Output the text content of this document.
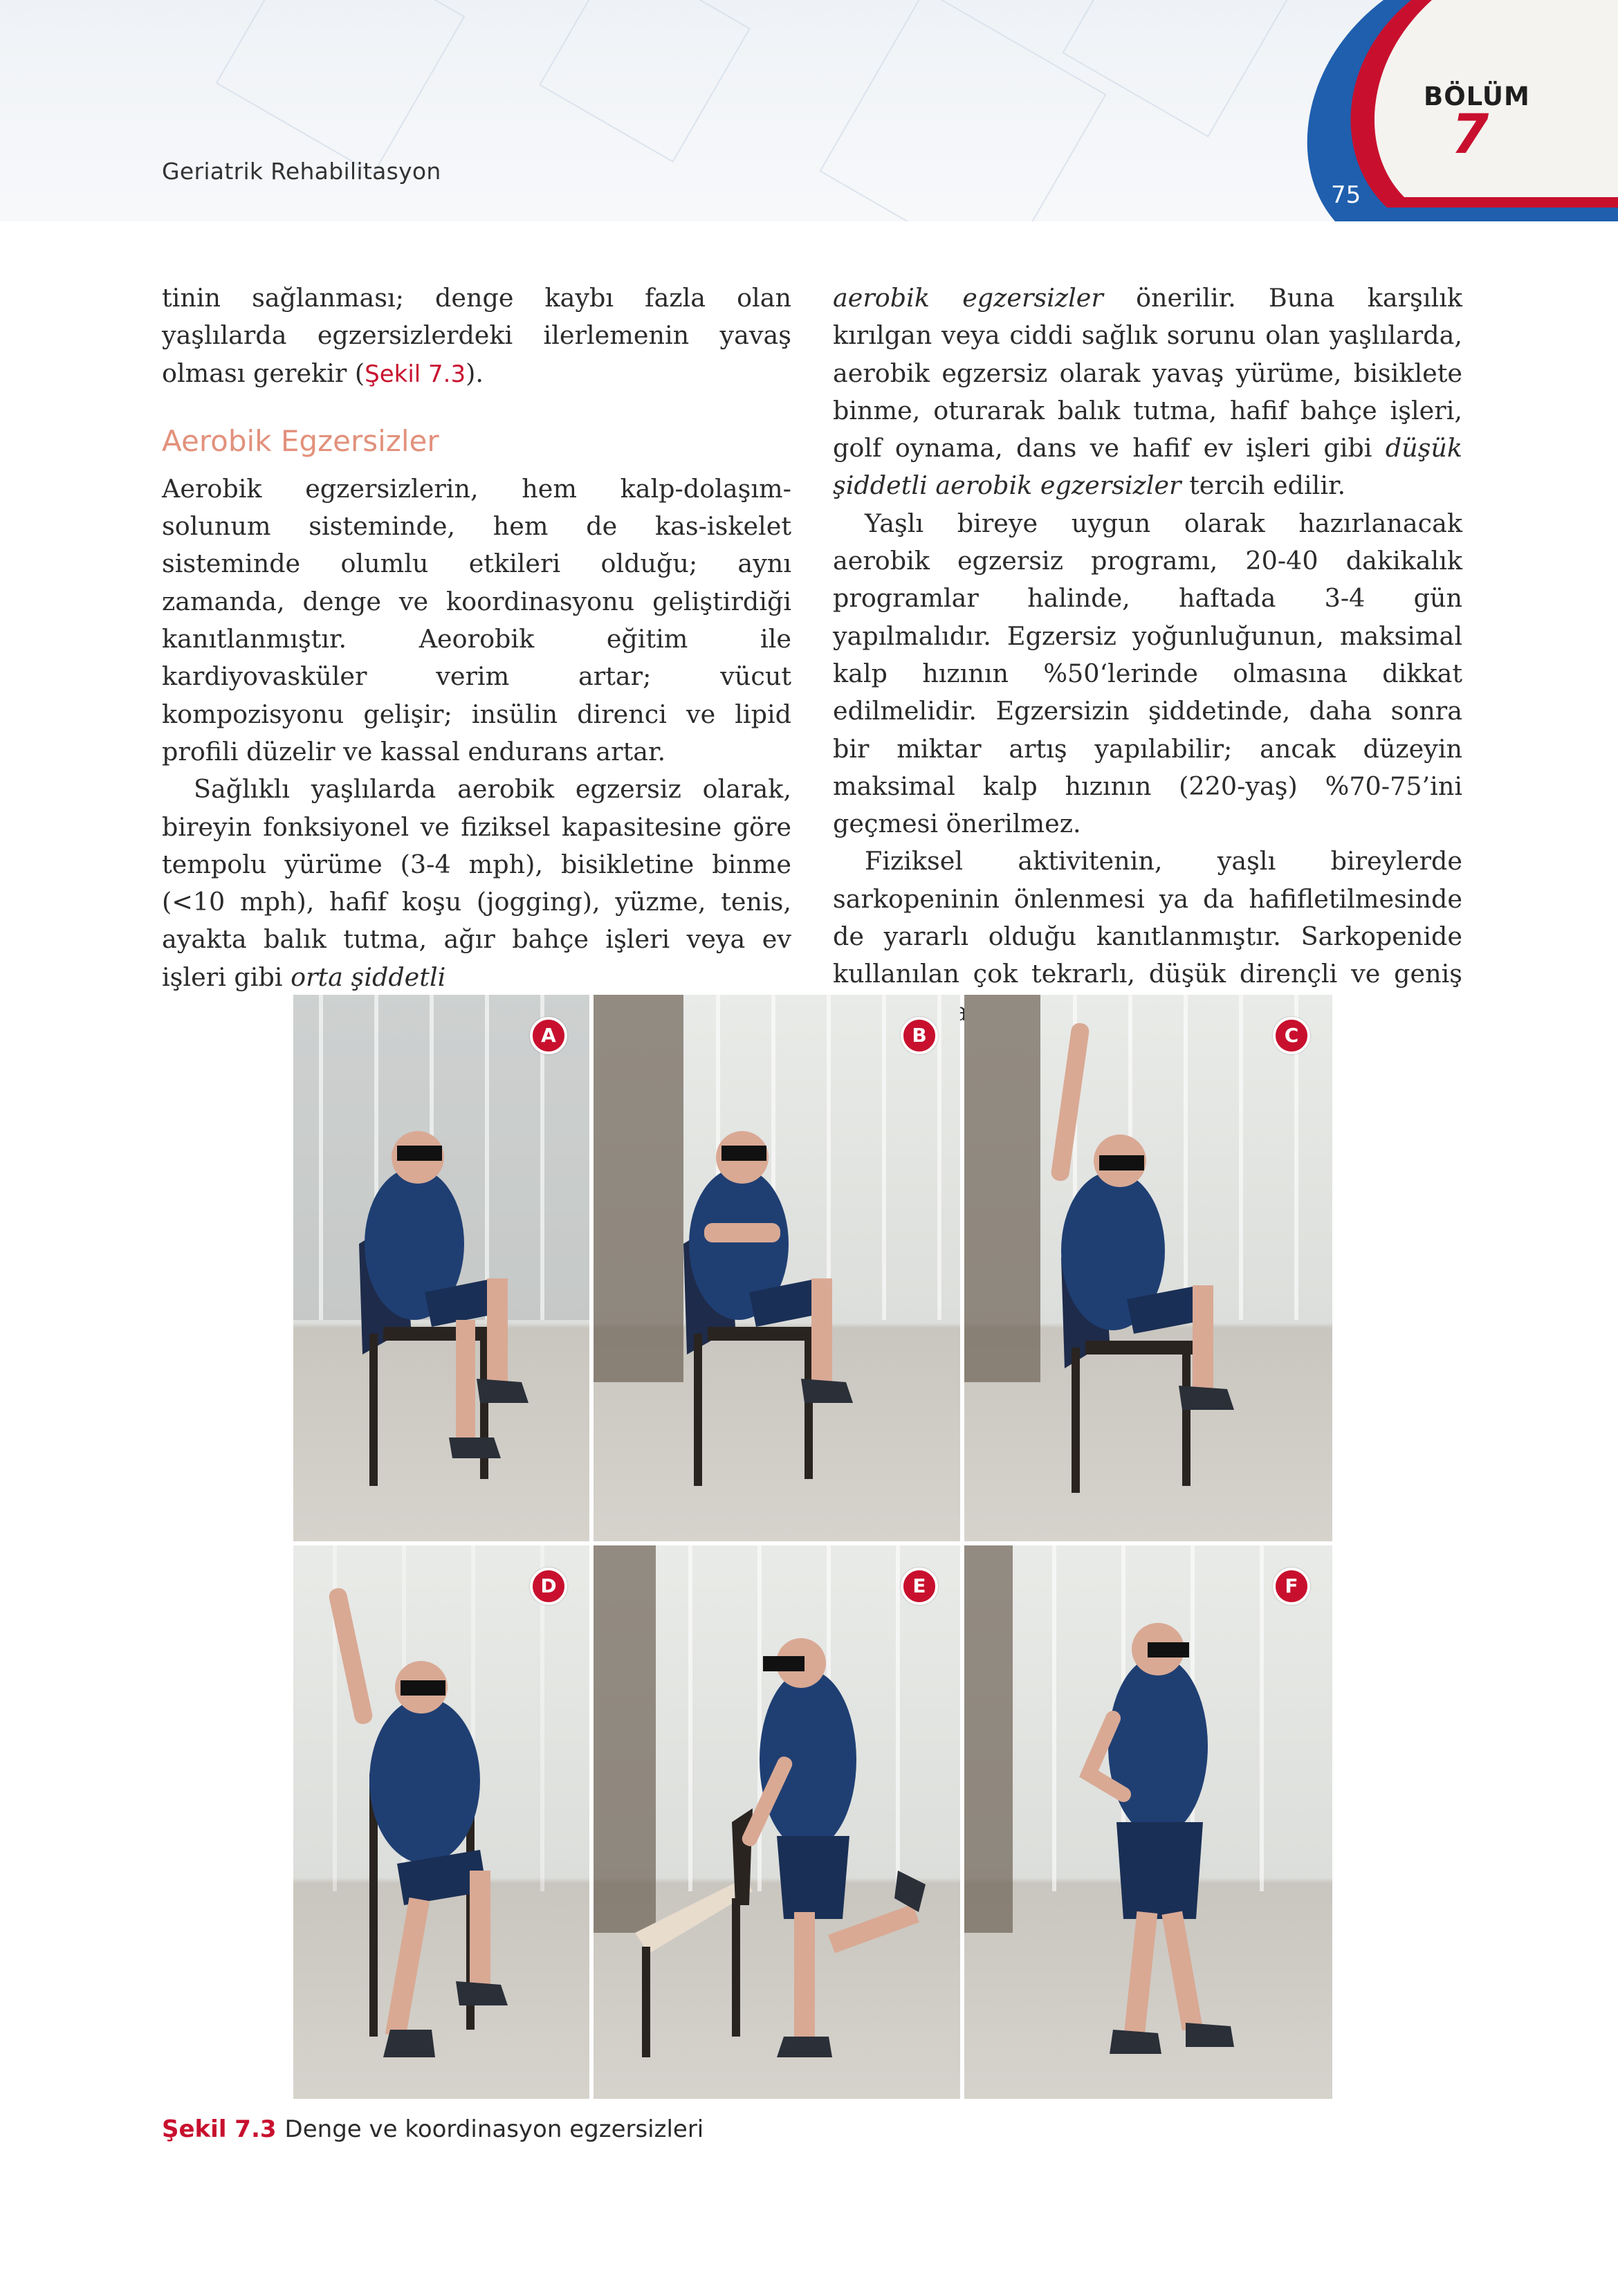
Geriatrik Rehabilitasyon
BÖLÜM
7
75

tinin sağlanması; denge kaybı fazla olan yaşlılarda egzersizlerdeki ilerlemenin yavaş olması gerekir (Şekil 7.3).

Aerobik Egzersizler

Aerobik egzersizlerin, hem kalp-dolaşım-solunum sisteminde, hem de kas-iskelet sisteminde olumlu etkileri olduğu; aynı zamanda, denge ve koordinasyonu geliştirdiği kanıtlanmıştır. Aeorobik eğitim ile kardiyovasküler verim artar; vücut kompozisyonu gelişir; insülin direnci ve lipid profili düzelir ve kassal endurans artar.

Sağlıklı yaşlılarda aerobik egzersiz olarak, bireyin fonksiyonel ve fiziksel kapasitesine göre tempolu yürüme (3-4 mph), bisikletine binme (<10 mph), hafif koşu (jogging), yüzme, tenis, ayakta balık tutma, ağır bahçe işleri veya ev işleri gibi orta şiddetli

aerobik egzersizler önerilir. Buna karşılık kırılgan veya ciddi sağlık sorunu olan yaşlılarda, aerobik egzersiz olarak yavaş yürüme, bisiklete binme, oturarak balık tutma, hafif bahçe işleri, golf oynama, dans ve hafif ev işleri gibi düşük şiddetli aerobik egzersizler tercih edilir.

Yaşlı bireye uygun olarak hazırlanacak aerobik egzersiz programı, 20-40 dakikalık programlar halinde, haftada 3-4 gün yapılmalıdır. Egzersiz yoğunluğunun, maksimal kalp hızının %50‘lerinde olmasına dikkat edilmelidir. Egzersizin şiddetinde, daha sonra bir miktar artış yapılabilir; ancak düzeyin maksimal kalp hızının (220-yaş) %70-75’ini geçmesi önerilmez.

Fiziksel aktivitenin, yaşlı bireylerde sarkopeninin önlenmesi ya da hafifletilmesinde de yararlı olduğu kanıtlanmıştır. Sarkopenide kullanılan çok tekrarlı, düşük dirençli ve geniş

A	B	C
D	E	F
Şekil 7.3 Denge ve koordinasyon egzersizleri
